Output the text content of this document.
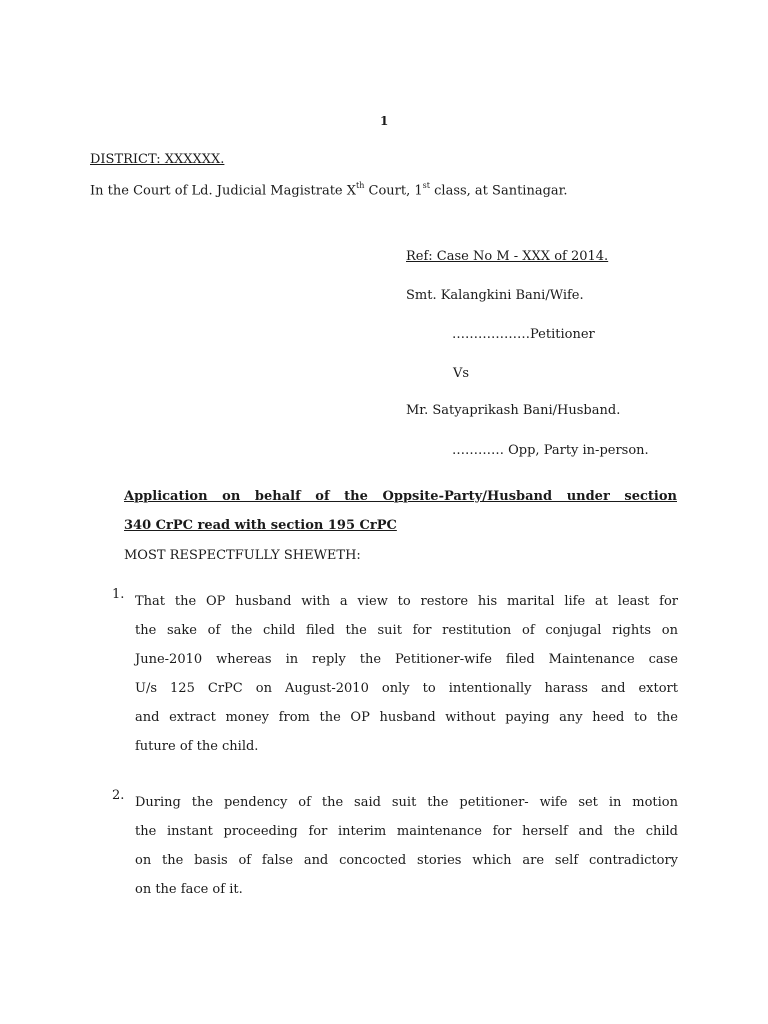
1
DISTRICT: XXXXXX.
In the Court of Ld. Judicial Magistrate Xth Court, 1st class, at Santinagar.
Ref: Case No M - XXX of 2014.
Smt. Kalangkini Bani/Wife.
………………Petitioner
Vs
Mr. Satyaprikash Bani/Husband.
………… Opp, Party in-person.
Application on behalf of the Oppsite-Party/Husband under section
340 CrPC read with section 195 CrPC
MOST RESPECTFULLY SHEWETH:
1. That the OP husband with a view to restore his marital life at least for
the sake of the child filed the suit for restitution of conjugal rights on
June-2010 whereas in reply the Petitioner-wife filed Maintenance case
U/s 125 CrPC on August-2010 only to intentionally harass and extort
and extract money from the OP husband without paying any heed to the
future of the child.
2. During the pendency of the said suit the petitioner- wife set in motion
the instant proceeding for interim maintenance for herself and the child
on the basis of false and concocted stories which are self contradictory
on the face of it.
